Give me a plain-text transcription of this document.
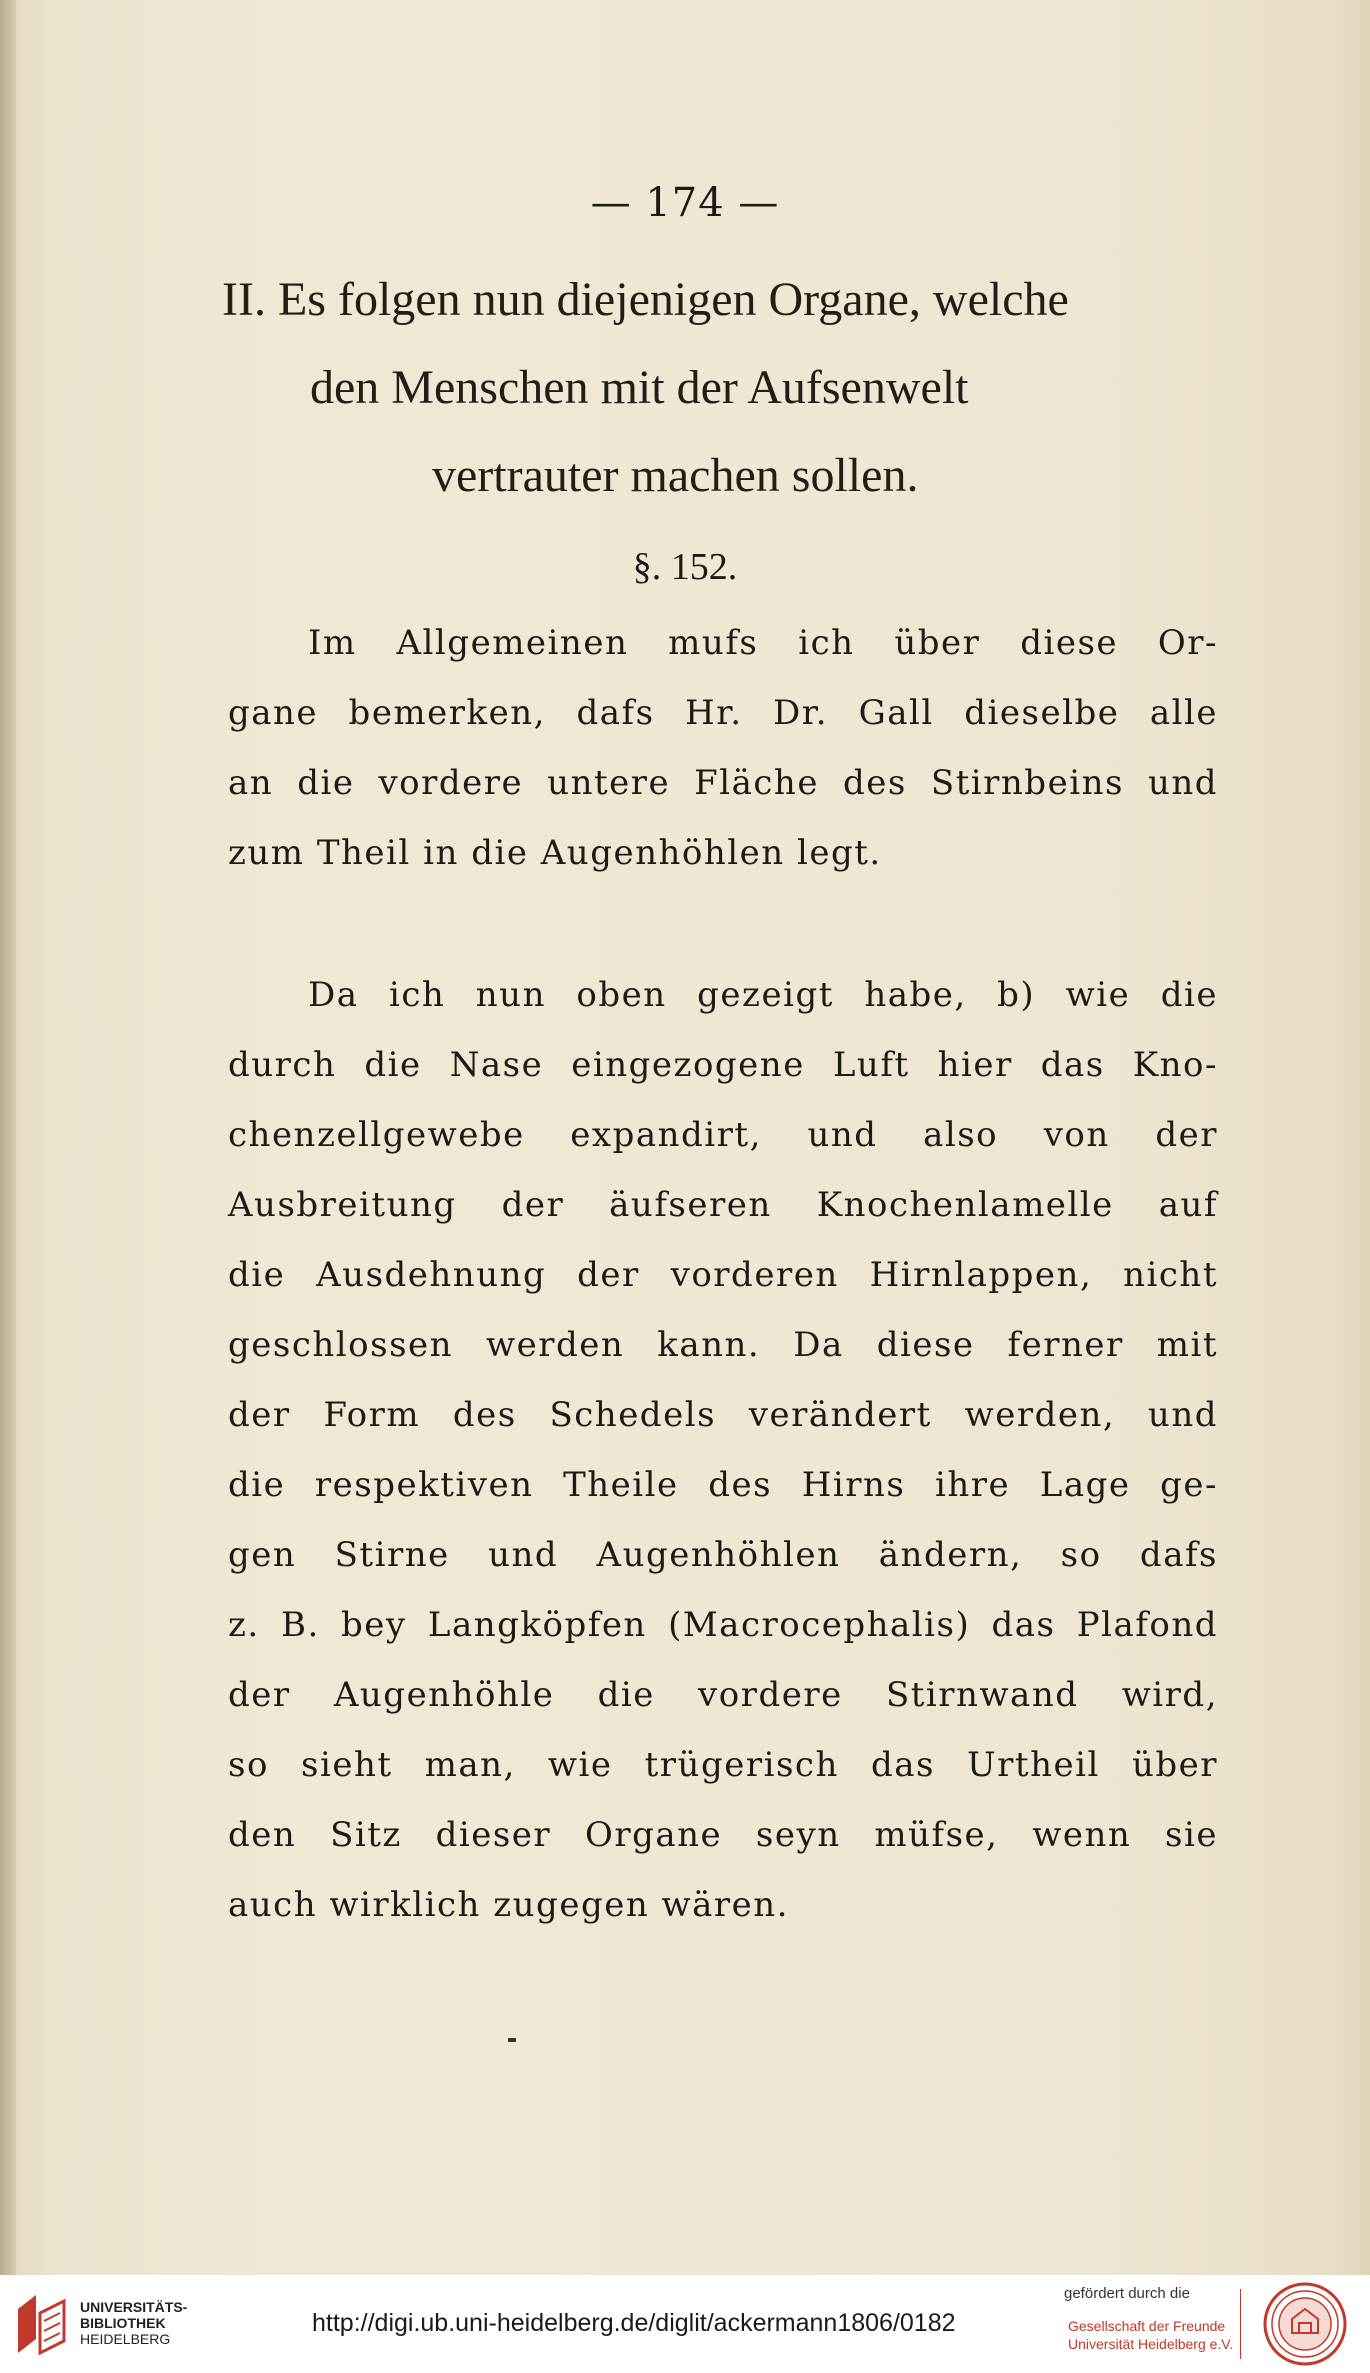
— 174 —
II. Es folgen nun diejenigen Organe, welche
den Menschen mit der Aufsenwelt
vertrauter machen sollen.
§. 152.
Im Allgemeinen mufs ich über diese Or-
gane bemerken, dafs Hr. Dr. Gall dieselbe alle
an die vordere untere Fläche des Stirnbeins und
zum Theil in die Augenhöhlen legt.
Da ich nun oben gezeigt habe, b) wie die
durch die Nase eingezogene Luft hier das Kno-
chenzellgewebe expandirt, und also von der
Ausbreitung der äufseren Knochenlamelle auf
die Ausdehnung der vorderen Hirnlappen, nicht
geschlossen werden kann. Da diese ferner mit
der Form des Schedels verändert werden, und
die respektiven Theile des Hirns ihre Lage ge-
gen Stirne und Augenhöhlen ändern, so dafs
z. B. bey Langköpfen (Macrocephalis) das Plafond
der Augenhöhle die vordere Stirnwand wird,
so sieht man, wie trügerisch das Urtheil über
den Sitz dieser Organe seyn müfse, wenn sie
auch wirklich zugegen wären.
UNIVERSITÄTS-
BIBLIOTHEK
HEIDELBERG
http://digi.ub.uni-heidelberg.de/diglit/ackermann1806/0182
gefördert durch die
Gesellschaft der Freunde
Universität Heidelberg e.V.
